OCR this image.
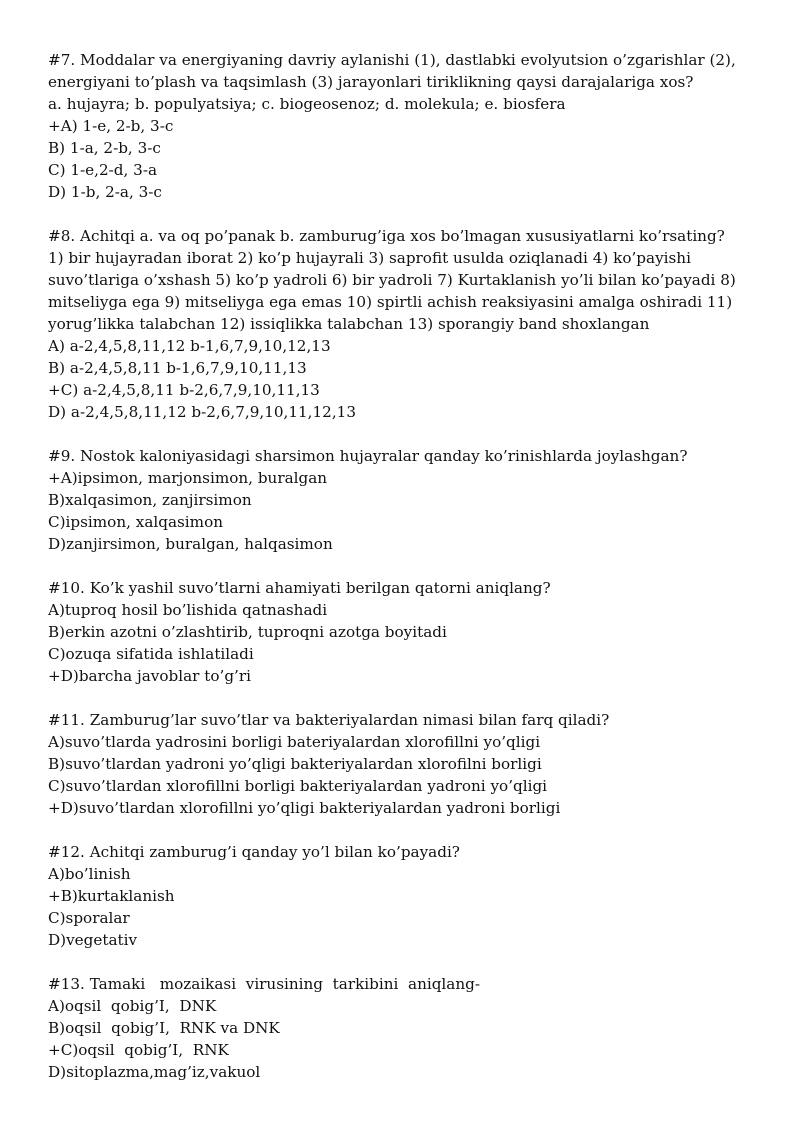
#7. Moddalar va energiyaning davriy aylanishi (1), dastlabki evolyutsion o’zgarishlar (2),

energiyani to’plash va taqsimlash (3) jarayonlari tiriklikning qaysi darajalariga xos?

a. hujayra; b. populyatsiya; c. biogeosenoz; d. molekula; e. biosfera

+A) 1-e, 2-b, 3-c

B) 1-a, 2-b, 3-c

C) 1-e,2-d, 3-a

D) 1-b, 2-a, 3-c

#8. Achitqi a. va oq po’panak b. zamburug’iga xos bo’lmagan xususiyatlarni ko’rsating?

1) bir hujayradan iborat 2) ko’p hujayrali 3) saprofit usulda oziqlanadi 4) ko’payishi

suvo’tlariga o’xshash 5) ko’p yadroli 6) bir yadroli 7) Kurtaklanish yo’li bilan ko’payadi 8)

mitseliyga ega 9) mitseliyga ega emas 10) spirtli achish reaksiyasini amalga oshiradi 11)

yorug’likka talabchan 12) issiqlikka talabchan 13) sporangiy band shoxlangan

A) a-2,4,5,8,11,12 b-1,6,7,9,10,12,13

B) a-2,4,5,8,11 b-1,6,7,9,10,11,13

+C) a-2,4,5,8,11 b-2,6,7,9,10,11,13

D) a-2,4,5,8,11,12 b-2,6,7,9,10,11,12,13

#9. Nostok kaloniyasidagi sharsimon hujayralar qanday ko’rinishlarda joylashgan?

+A)ipsimon, marjonsimon, buralgan

B)xalqasimon, zanjirsimon

C)ipsimon, xalqasimon

D)zanjirsimon, buralgan, halqasimon

#10. Ko’k yashil suvo’tlarni ahamiyati berilgan qatorni aniqlang?

A)tuproq hosil bo’lishida qatnashadi

B)erkin azotni o’zlashtirib, tuproqni azotga boyitadi

C)ozuqa sifatida ishlatiladi

+D)barcha javoblar to’g’ri

#11. Zamburug’lar suvo’tlar va bakteriyalardan nimasi bilan farq qiladi?

A)suvo’tlarda yadrosini borligi bateriyalardan xlorofillni yo’qligi

B)suvo’tlardan yadroni yo’qligi bakteriyalardan xlorofilni borligi

C)suvo’tlardan xlorofillni borligi bakteriyalardan yadroni yo’qligi

+D)suvo’tlardan xlorofillni yo’qligi bakteriyalardan yadroni borligi

#12. Achitqi zamburug’i qanday yo’l bilan ko’payadi?

A)bo’linish

+B)kurtaklanish

C)sporalar

D)vegetativ

#13. Tamaki   mozaikasi  virusining  tarkibini  aniqlang-

A)oqsil  qobig’I,  DNK

B)oqsil  qobig’I,  RNK va DNK

+C)oqsil  qobig’I,  RNK

D)sitoplazma,mag’iz,vakuol
